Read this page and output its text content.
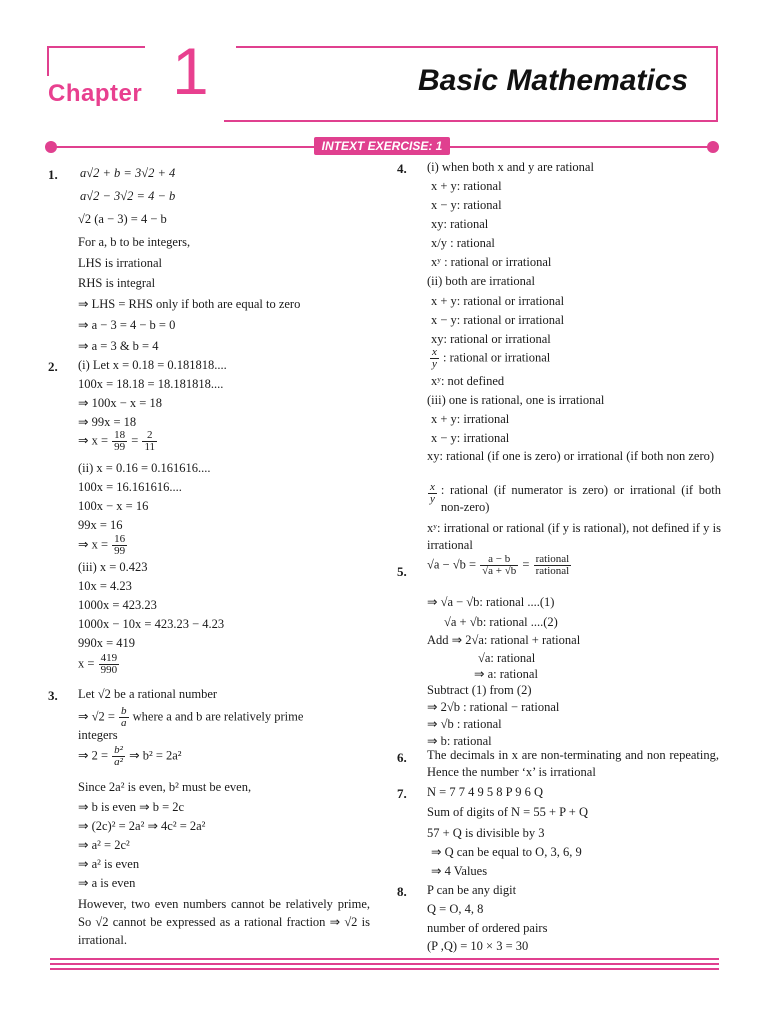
Chapter 1	Basic Mathematics
INTEXT EXERCISE: 1
1. a√2 + b = 3√2 + 4
a√2 − 3√2 = 4 − b
√2 (a − 3) = 4 − b
For a, b to be integers,
LHS is irrational
RHS is integral
⇒ LHS = RHS only if both are equal to zero
⇒ a − 3 = 4 − b = 0
⇒ a = 3 & b = 4
2. (i) Let x = 0.18 = 0.181818....
100x = 18.18 = 18.181818....
⇒ 100x − x = 18
⇒ 99x = 18
⇒ $x = \frac{18}{99} = \frac{2}{11}$
(ii) x = 0.16 = 0.161616....
100x = 16.161616....
100x − x = 16
99x = 16
⇒ $x = \frac{16}{99}$
(iii) x = 0.423
10x = 4.23
1000x = 423.23
1000x − 10x = 423.23 − 4.23
990x = 419
$x = \frac{419}{990}$
3. Let √2 be a rational number
⇒ $√2 = \frac{b}{a}$ where a and b are relatively prime
integers
⇒ $2 = \frac{\text{b²}}{\text{a²}}$ ⇒ b² = 2a²
Since 2a² is even, b² must be even,
⇒ b is even ⇒ b = 2c
⇒ (2c)² = 2a² ⇒ 4c² = 2a²
⇒ a² = 2c²
⇒ a² is even
⇒ a is even
However, two even numbers cannot be relatively prime, So √2 cannot be expressed as a rational fraction ⇒ √2 is irrational.
4. (i) when both x and y are rational
x + y: rational
x − y: rational
xy: rational
x/y : rational
xʸ : rational or irrational
(ii) both are irrational
x + y: rational or irrational
x − y: rational or irrational
xy: rational or irrational
$\frac{x}{y}$ : rational or irrational
xʸ: not defined
(iii) one is rational, one is irrational
x + y: irrational
x − y: irrational
xy: rational (if one is zero) or irrational (if both non zero)
$\frac{x}{y}$ : rational (if numerator is zero) or irrational (if both non-zero)
xʸ: irrational or rational (if y is rational), not defined if y is irrational
5. $√a - √b = \frac{a - b}{√a + √b} = \frac{\text{rational}}{\text{rational}}$
⇒ √a − √b: rational ....(1)
√a + √b: rational ....(2)
Add ⇒ 2√a: rational + rational
√a: rational
⇒ a: rational
Subtract (1) from (2)
⇒ 2√b : rational − rational
⇒ √b : rational
⇒ b: rational
6. The decimals in x are non-terminating and non repeating, Hence the number ‘x’ is irrational
7. N = 7 7 4 9 5 8 P 9 6 Q
Sum of digits of N = 55 + P + Q
57 + Q is divisible by 3
⇒ Q can be equal to O, 3, 6, 9
⇒ 4 Values
8. P can be any digit
Q = O, 4, 8
number of ordered pairs
(P ,Q) = 10 × 3 = 30
